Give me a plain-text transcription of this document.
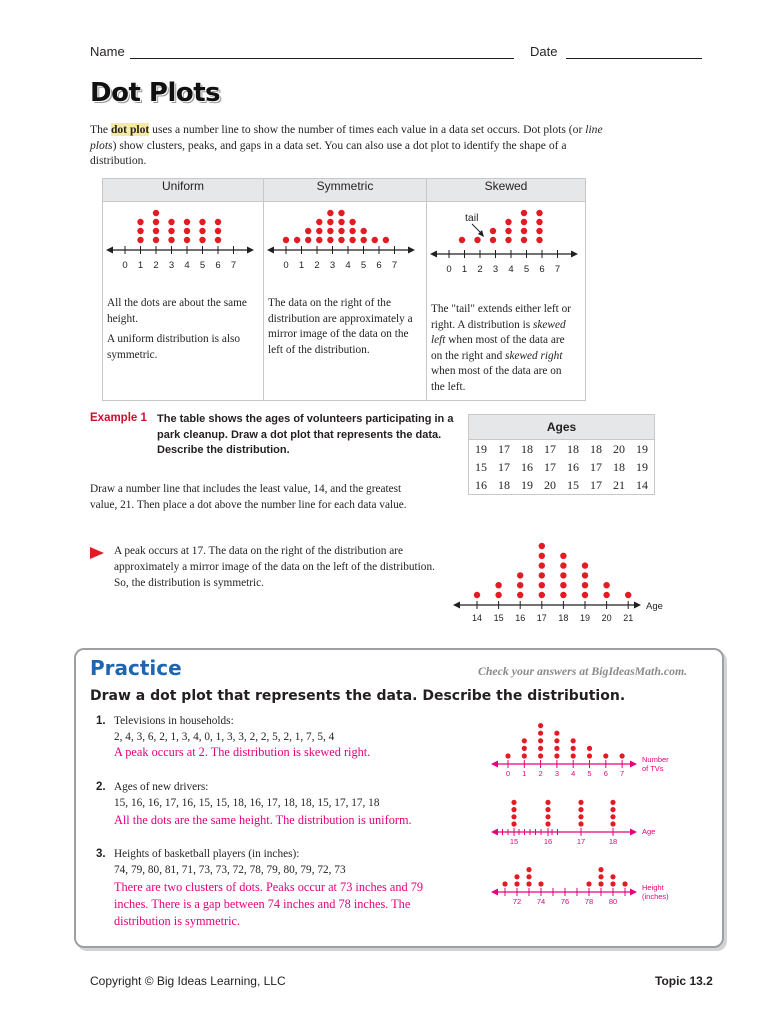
Name	Date
Dot Plots
The dot plot uses a number line to show the number of times each value in a data set occurs. Dot plots (or line plots) show clusters, peaks, and gaps in a data set. You can also use a dot plot to identify the shape of a distribution.
Uniform	Symmetric	Skewed

All the dots are about the same height.

A uniform distribution is also symmetric.	The data on the right of the distribution are approximately a mirror image of the data on the left of the distribution.	The "tail" extends either left or right. A distribution is skewed left when most of the data are on the right and skewed right when most of the data are on the left.

0 1 2 3 4 5 6 7	0 1 2 3 4 5 6 7	0 1 2 3 4 5 6 7
tail
Example 1 The table shows the ages of volunteers participating in a park cleanup. Draw a dot plot that represents the data. Describe the distribution.
Ages
19 17 18 17 18 18 20 19
15 17 16 17 16 17 18 19
16 18 19 20 15 17 21 14
Draw a number line that includes the least value, 14, and the greatest value, 21. Then place a dot above the number line for each data value.
A peak occurs at 17. The data on the right of the distribution are approximately a mirror image of the data on the left of the distribution. So, the distribution is symmetric.
14 15 16 17 18 19 20 21
Age
Practice	Check your answers at BigIdeasMath.com.
Draw a dot plot that represents the data. Describe the distribution.
1. Televisions in households:
2, 4, 3, 6, 2, 1, 3, 4, 0, 1, 3, 3, 2, 2, 5, 2, 1, 7, 5, 4
A peak occurs at 2. The distribution is skewed right.
0 1 2 3 4 5 6 7
Number
of TVs
2. Ages of new drivers:
15, 16, 16, 17, 16, 15, 15, 18, 16, 17, 18, 18, 15, 17, 17, 18
All the dots are the same height. The distribution is uniform.
15	16	17	18
Age
3. Heights of basketball players (in inches):
74, 79, 80, 81, 71, 73, 73, 72, 78, 79, 80, 79, 72, 73
There are two clusters of dots. Peaks occur at 73 inches and 79 inches. There is a gap between 74 inches and 78 inches. The distribution is symmetric.
72 74 76 78 80
Height
(inches)
Copyright © Big Ideas Learning, LLC	Topic 13.2
